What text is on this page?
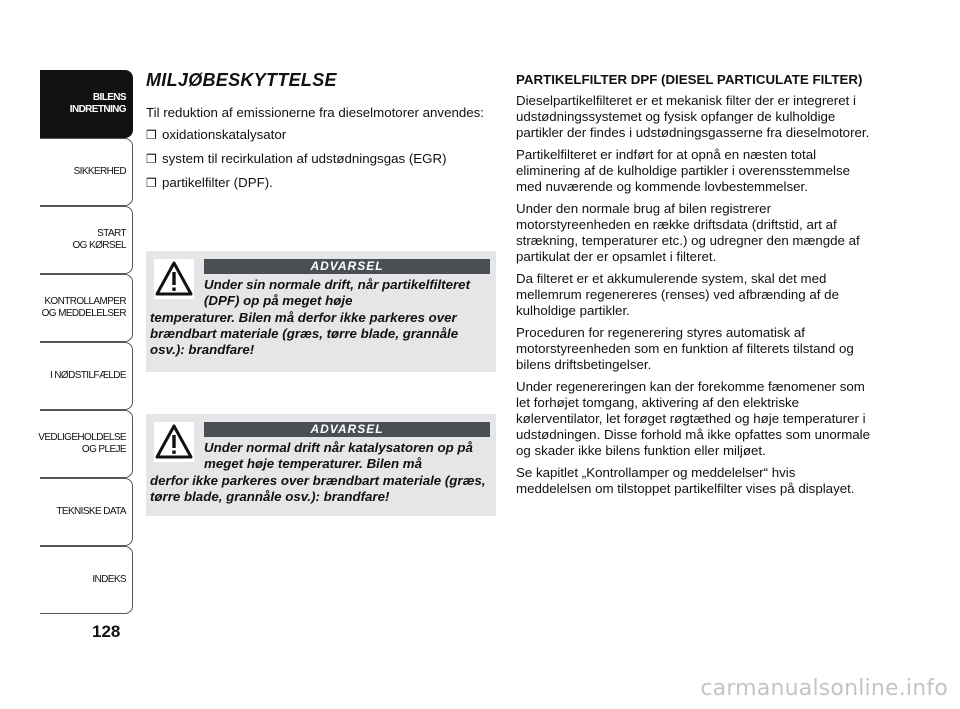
BILENS
INDRETNING
SIKKERHED
START
OG KØRSEL
KONTROLLAMPER
OG MEDDELELSER
I NØDSTILFÆLDE
VEDLIGEHOLDELSE
OG PLEJE
TEKNISKE DATA
INDEKS
128
MILJØBESKYTTELSE

Til reduktion af emissionerne fra dieselmotorer anvendes:

❒ oxidationskatalysator
❒ system til recirkulation af udstødningsgas (EGR)
❒ partikelfilter (DPF).
ADVARSEL
Under sin normale drift, når partikelfilteret (DPF) op på meget høje
temperaturer. Bilen må derfor ikke parkeres over brændbart materiale (græs, tørre blade, grannåle osv.): brandfare!
ADVARSEL
Under normal drift når katalysatoren op på meget høje temperaturer. Bilen må
derfor ikke parkeres over brændbart materiale (græs, tørre blade, grannåle osv.): brandfare!
PARTIKELFILTER DPF (DIESEL PARTICULATE FILTER)

Dieselpartikelfilteret er et mekanisk filter der er integreret i udstødningssystemet og fysisk opfanger de kulholdige partikler der findes i udstødningsgasserne fra dieselmotorer.

Partikelfilteret er indført for at opnå en næsten total eliminering af de kulholdige partikler i overensstemmelse med nuværende og kommende lovbestemmelser.

Under den normale brug af bilen registrerer motorstyreenheden en række driftsdata (driftstid, art af strækning, temperaturer etc.) og udregner den mængde af partikulat der er opsamlet i filteret.

Da filteret er et akkumulerende system, skal det med mellemrum regenereres (renses) ved afbrænding af de kulholdige partikler.

Proceduren for regenerering styres automatisk af motorstyreenheden som en funktion af filterets tilstand og bilens driftsbetingelser.

Under regenereringen kan der forekomme fænomener som let forhøjet tomgang, aktivering af den elektriske kølerventilator, let forøget røgtæthed og høje temperaturer i udstødningen. Disse forhold må ikke opfattes som unormale og skader ikke bilens funktion eller miljøet.

Se kapitlet „Kontrollamper og meddelelser“ hvis meddelelsen om tilstoppet partikelfilter vises på displayet.

carmanualsonline.info
